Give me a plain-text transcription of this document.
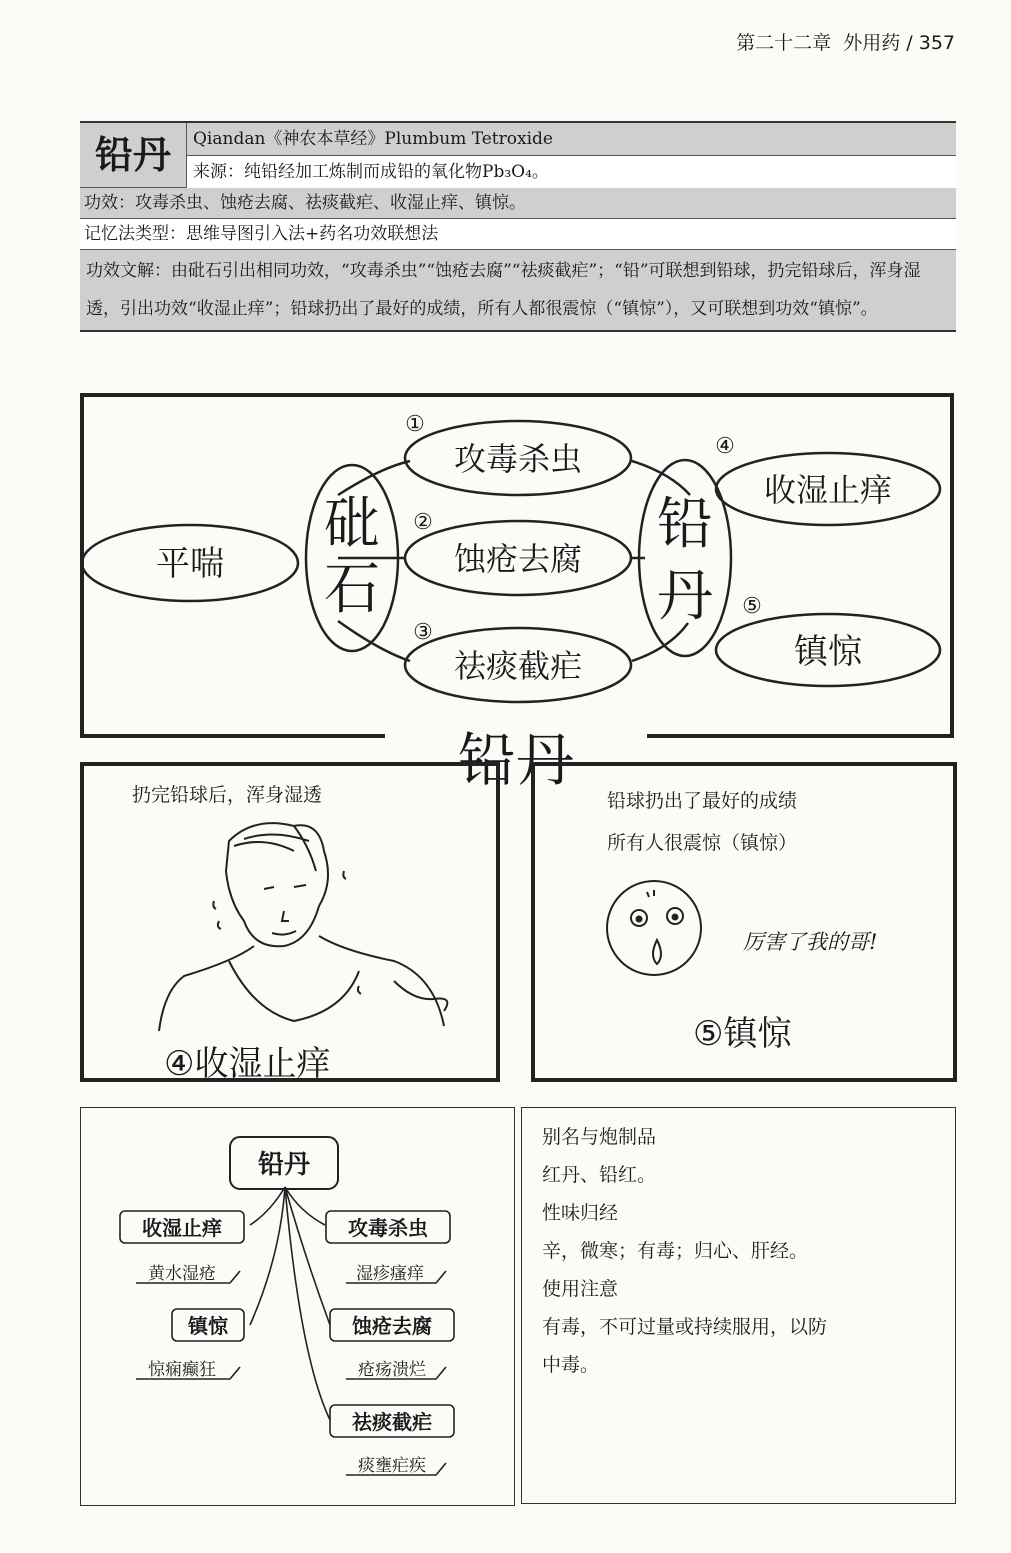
第二十二章 外用药 / 357
铅丹	Qiandan《神农本草经》Plumbum Tetroxide
来源：纯铅经加工炼制而成铅的氧化物Pb₃O₄。
功效：攻毒杀虫、蚀疮去腐、祛痰截疟、收湿止痒、镇惊。
记忆法类型：思维导图引入法+药名功效联想法
功效文解：由砒石引出相同功效，“攻毒杀虫”“蚀疮去腐”“祛痰截疟”；“铅”可联想到铅球，扔完铅球后，浑身湿透，引出功效“收湿止痒”；铅球扔出了最好的成绩，所有人都很震惊（“镇惊”），又可联想到功效“镇惊”。
平喘
砒
石
攻毒杀虫
蚀疮去腐
祛痰截疟
铅
丹
收湿止痒
镇惊
①
②
③
④
⑤
铅丹
扔完铅球后，浑身湿透
④收湿止痒
铅球扔出了最好的成绩
所有人很震惊（镇惊）
厉害了我的哥!
⑤镇惊
铅丹
收湿止痒
黄水湿疮
镇惊
惊痫癫狂
攻毒杀虫
湿疹瘙痒
蚀疮去腐
疮疡溃烂
祛痰截疟
痰壅疟疾

别名与炮制品

红丹、铅红。

性味归经

辛，微寒；有毒；归心、肝经。

使用注意

有毒，不可过量或持续服用，以防

中毒。
